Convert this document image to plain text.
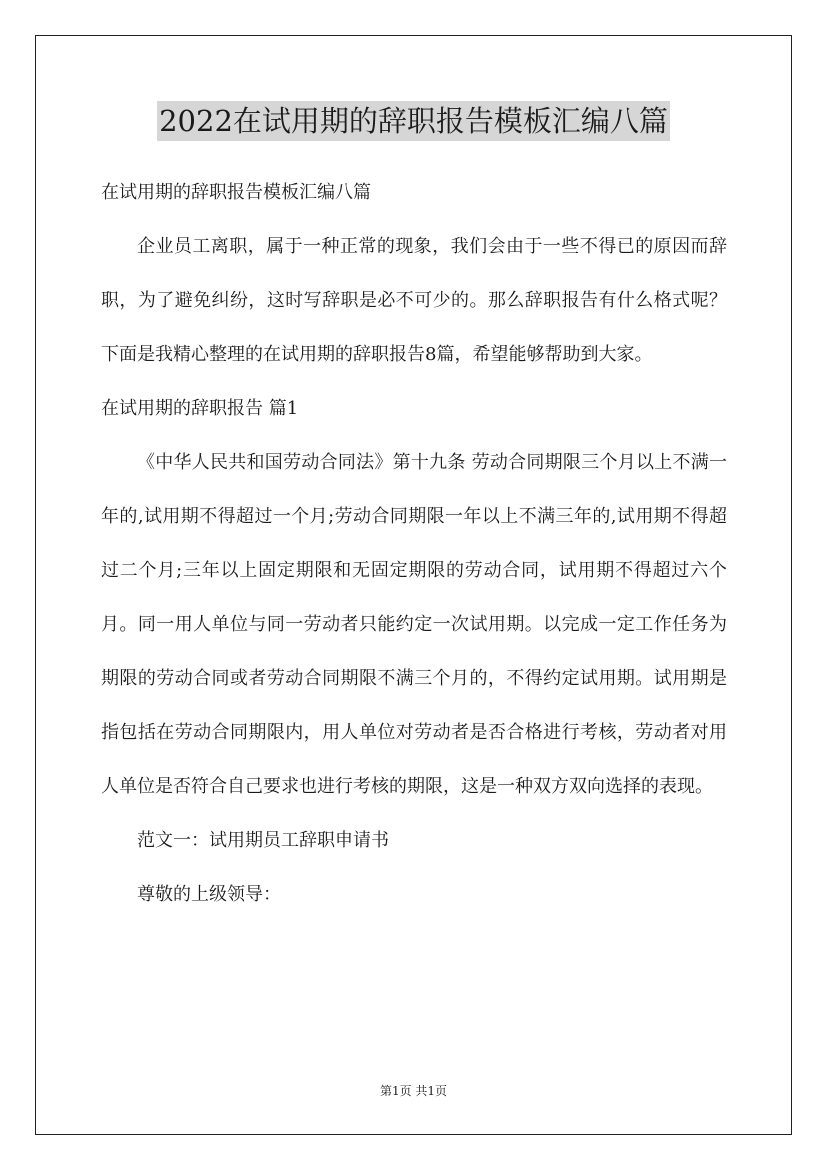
2022在试用期的辞职报告模板汇编八篇

在试用期的辞职报告模板汇编八篇

企业员工离职，属于一种正常的现象，我们会由于一些不得已的原因而辞职，为了避免纠纷，这时写辞职是必不可少的。那么辞职报告有什么格式呢？下面是我精心整理的在试用期的辞职报告8篇，希望能够帮助到大家。

在试用期的辞职报告 篇1

《中华人民共和国劳动合同法》第十九条 劳动合同期限三个月以上不满一年的,试用期不得超过一个月;劳动合同期限一年以上不满三年的,试用期不得超过二个月;三年以上固定期限和无固定期限的劳动合同，试用期不得超过六个月。同一用人单位与同一劳动者只能约定一次试用期。以完成一定工作任务为期限的劳动合同或者劳动合同期限不满三个月的，不得约定试用期。试用期是指包括在劳动合同期限内，用人单位对劳动者是否合格进行考核，劳动者对用人单位是否符合自己要求也进行考核的期限，这是一种双方双向选择的表现。

范文一：试用期员工辞职申请书

尊敬的上级领导：

第1页 共1页
